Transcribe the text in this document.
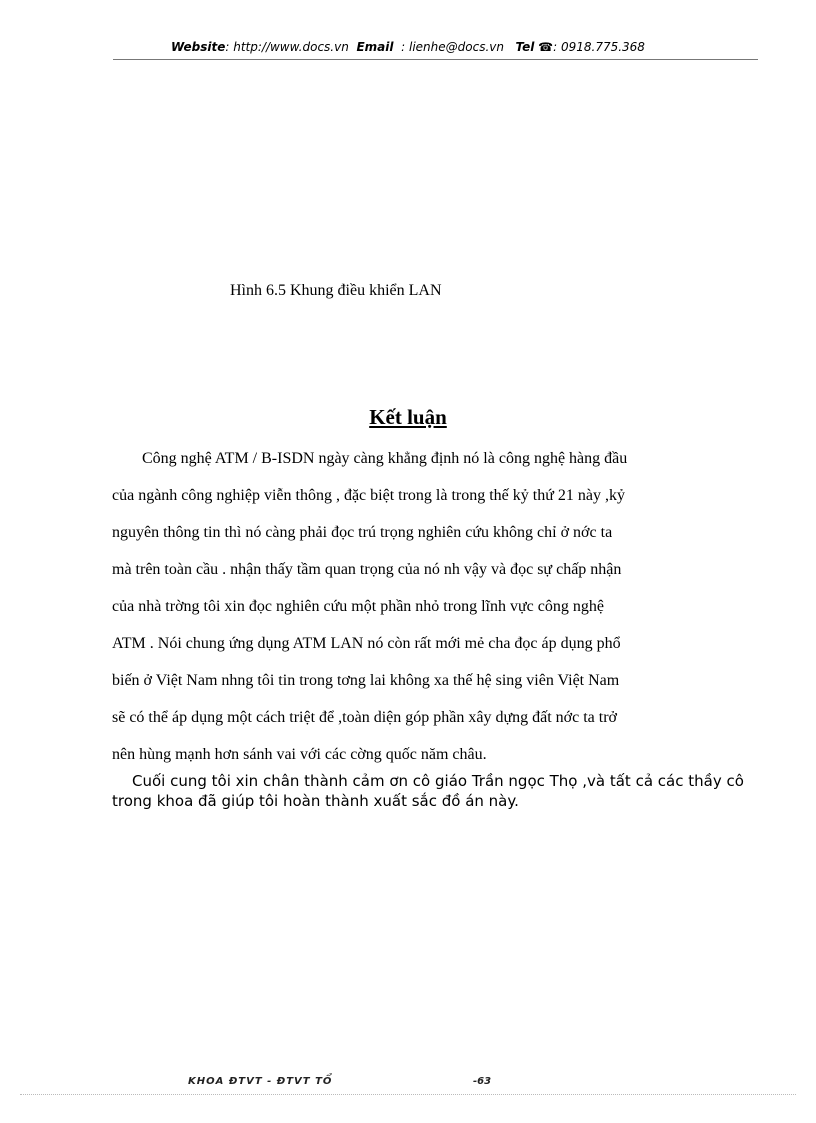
Website: http://www.docs.vn Email : lienhe@docs.vn Tel ☎: 0918.775.368
Hình 6.5 Khung điều khiển LAN
Kết luận
Công nghệ ATM / B-ISDN ngày càng khẳng định nó là công nghệ hàng đầu
của ngành công nghiệp viễn thông , đặc biệt trong là trong thế kỷ thứ 21 này ,kỷ
nguyên thông tin thì nó càng phải đọc trú trọng nghiên cứu không chỉ ở nớc ta
mà trên toàn cầu . nhận thấy tầm quan trọng của nó nh vậy và đọc sự chấp nhận
của nhà trờng tôi xin đọc nghiên cứu một phần nhỏ trong lĩnh vực công nghệ
ATM . Nói chung ứng dụng ATM LAN nó còn rất mới mẻ cha đọc áp dụng phổ
biến ở Việt Nam nhng tôi tin trong tơng lai không xa thế hệ sing viên Việt Nam
sẽ có thể áp dụng một cách triệt để ,toàn diện góp phần xây dựng đất nớc ta trở
nên hùng mạnh hơn sánh vai với các cờng quốc năm châu.
Cuối cung tôi xin chân thành cảm ơn cô giáo Trần ngọc Thọ ,và tất cả các thầy cô
trong khoa đã giúp tôi hoàn thành xuất sắc đồ án này.
KHOA ĐTVT - ĐTVT TỔ	-63
